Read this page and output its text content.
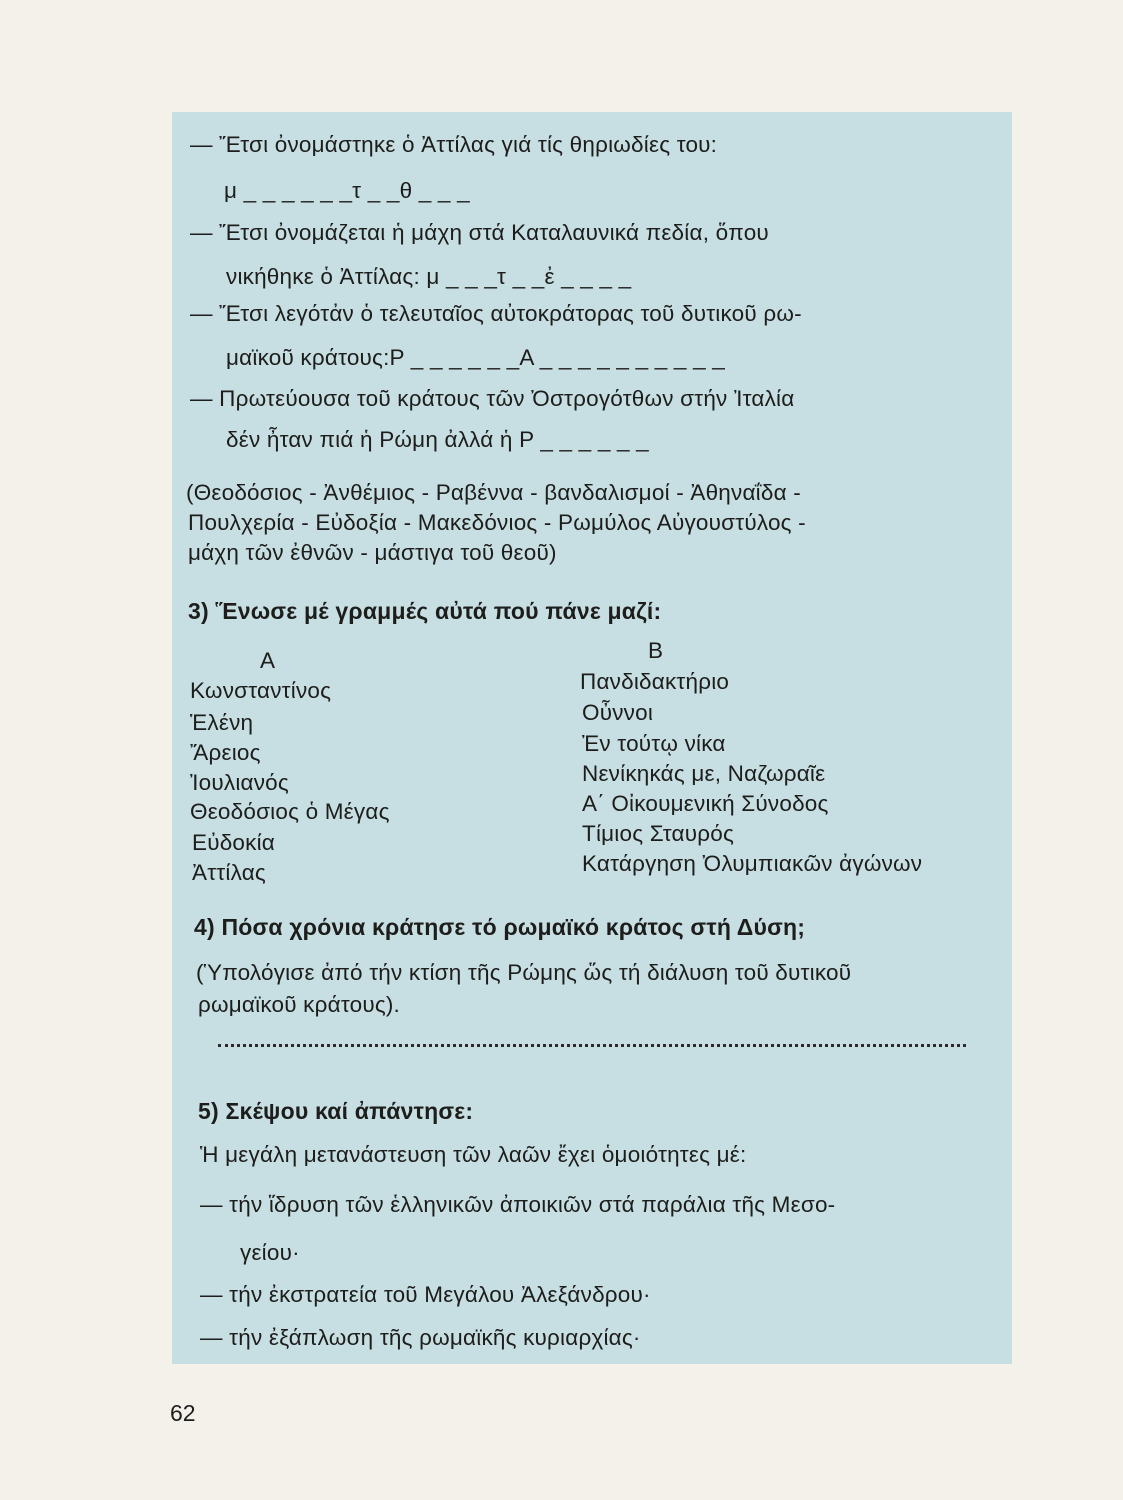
— Ἔτσι ὀνομάστηκε ὁ Ἀττίλας γιά τίς θηριωδίες του:
μ _ _ _ _ _ _τ _ _θ _ _ _
— Ἔτσι ὀνομάζεται ἡ μάχη στά Καταλαυνικά πεδία, ὅπου
νικήθηκε ὁ Ἀττίλας: μ _ _ _τ _ _ἐ _ _ _ _
— Ἔτσι λεγότἀν ὁ τελευταῖος αὐτοκράτορας τοῦ δυτικοῦ ρω-
μαϊκοῦ κράτους:Ρ _ _ _ _ _ _Α _ _ _ _ _ _ _ _ _ _
— Πρωτεύουσα τοῦ κράτους τῶν Ὀστρογότθων στήν Ἰταλία
δέν ἦταν πιά ἡ Ρώμη ἀλλά ἡ Ρ _ _ _ _ _ _
(Θεοδόσιος - Ἀνθέμιος - Ραβέννα - βανδαλισμοί - Ἀθηναΐδα -
Πουλχερία - Εὐδοξία - Μακεδόνιος - Ρωμύλος Αὐγουστύλος -
μάχη τῶν ἐθνῶν - μάστιγα τοῦ θεοῦ)
3) Ἕνωσε μέ γραμμές αὐτά πού πάνε μαζί:
Α	Β
Κωνσταντίνος
Ἑλένη
Ἄρειος
Ἰουλιανός
Θεοδόσιος ὁ Μέγας
Εὐδοκία
Ἀττίλας
Πανδιδακτήριο
Οὖννοι
Ἐν τούτῳ νίκα
Νενίκηκάς με, Ναζωραῖε
Α΄ Οἰκουμενική Σύνοδος
Τίμιος Σταυρός
Κατάργηση Ὀλυμπιακῶν ἀγώνων
4) Πόσα χρόνια κράτησε τό ρωμαϊκό κράτος στή Δύση;
(Ὑπολόγισε ἀπό τήν κτίση τῆς Ρώμης ὥς τή διάλυση τοῦ δυτικοῦ
ρωμαϊκοῦ κράτους).
5) Σκέψου καί ἀπάντησε:
Ἡ μεγάλη μετανάστευση τῶν λαῶν ἔχει ὁμοιότητες μέ:
— τήν ἵδρυση τῶν ἑλληνικῶν ἀποικιῶν στά παράλια τῆς Μεσο-
γείου·
— τήν ἐκστρατεία τοῦ Μεγάλου Ἀλεξάνδρου·
— τήν ἐξάπλωση τῆς ρωμαϊκῆς κυριαρχίας·
62
